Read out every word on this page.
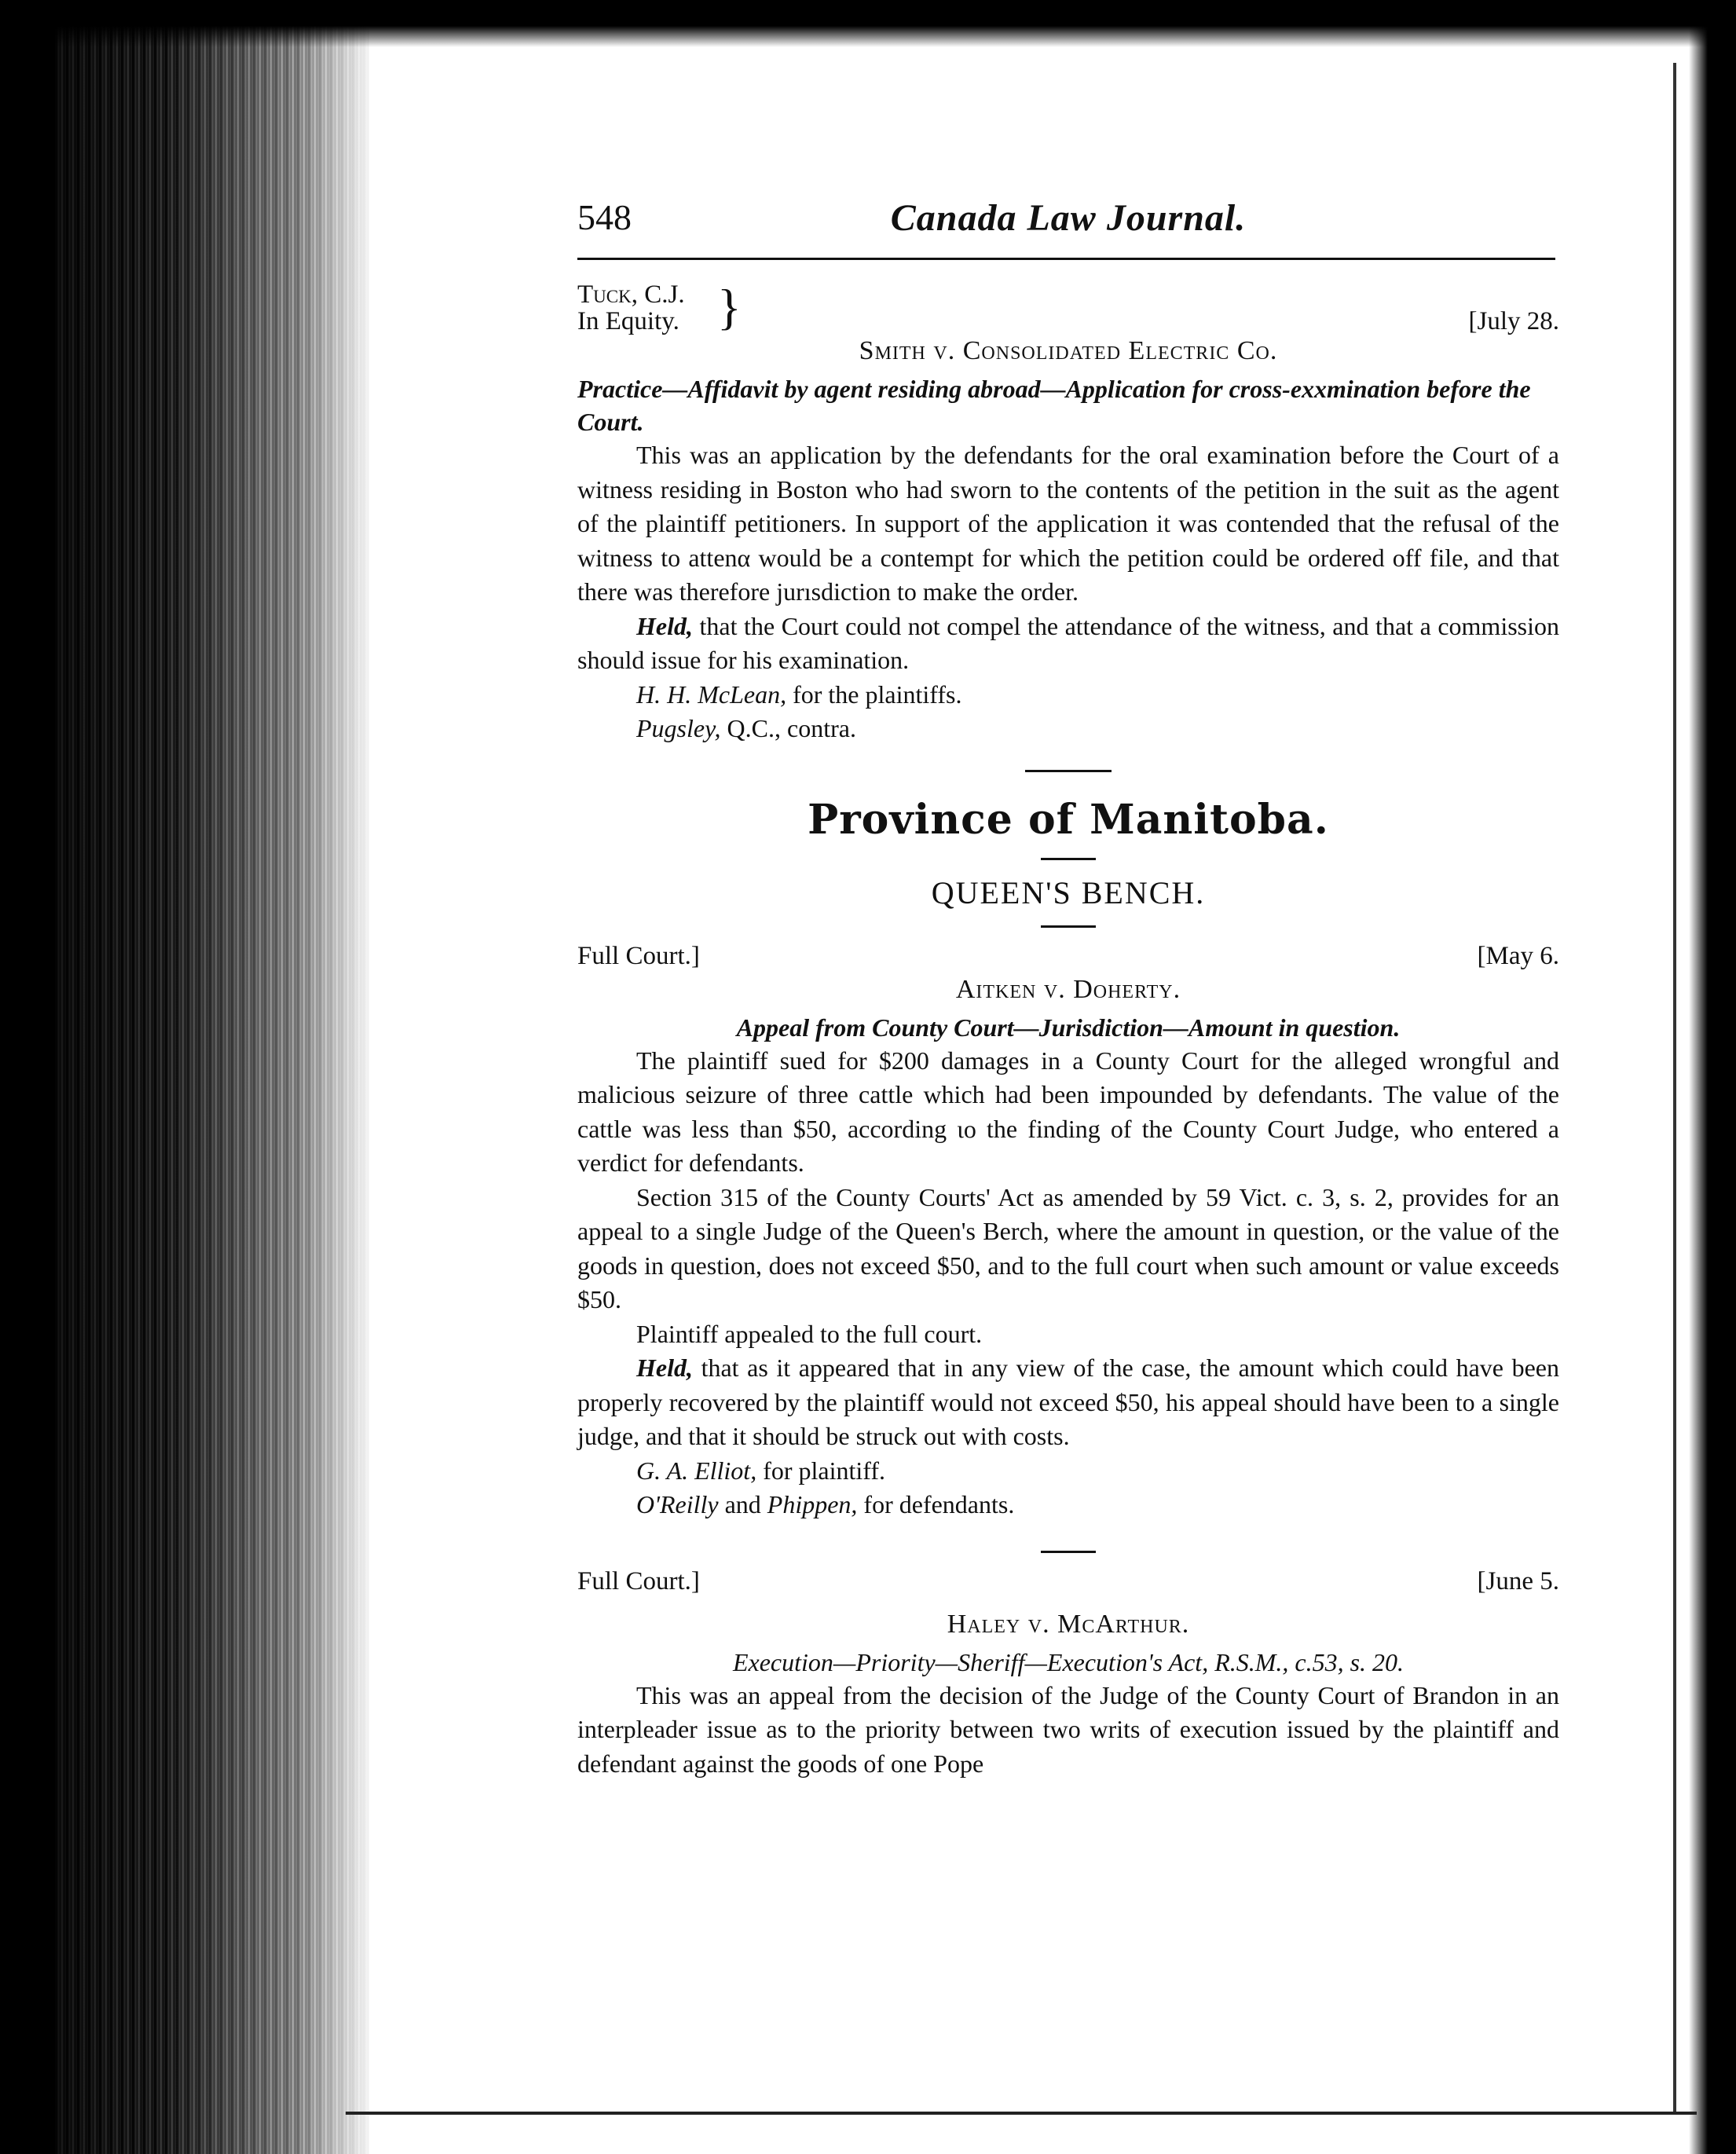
548	Canada Law Journal.
Tuck, C.J.
In Equity. }	[July 28.
Smith v. Consolidated Electric Co.
Practice—Affidavit by agent residing abroad—Application for cross-exxmination before the Court.

This was an application by the defendants for the oral examination before the Court of a witness residing in Boston who had sworn to the contents of the petition in the suit as the agent of the plaintiff petitioners. In support of the application it was contended that the refusal of the witness to attenα would be a contempt for which the petition could be ordered off file, and that there was therefore jurısdiction to make the order.

Held, that the Court could not compel the attendance of the witness, and that a commission should issue for his examination.

H. H. McLean, for the plaintiffs.
Pugsley, Q.C., contra.
Province of Manitoba.
QUEEN'S BENCH.
Full Court.]	[May 6.
Aitken v. Doherty.
Appeal from County Court—Jurisdiction—Amount in question.

The plaintiff sued for $200 damages in a County Court for the alleged wrongful and malicious seizure of three cattle which had been impounded by defendants. The value of the cattle was less than $50, according ιο the finding of the County Court Judge, who entered a verdict for defendants.

Section 315 of the County Courts' Act as amended by 59 Vict. c. 3, s. 2, provides for an appeal to a single Judge of the Queen's Berch, where the amount in question, or the value of the goods in question, does not exceed $50, and to the full court when such amount or value exceeds $50.

Plaintiff appealed to the full court.

Held, that as it appeared that in any view of the case, the amount which could have been properly recovered by the plaintiff would not exceed $50, his appeal should have been to a single judge, and that it should be struck out with costs.

G. A. Elliot, for plaintiff.
O'Reilly and Phippen, for defendants.
Full Court.]	[June 5.
Haley v. McArthur.
Execution—Priority—Sheriff—Execution's Act, R.S.M., c.53, s. 20.

This was an appeal from the decision of the Judge of the County Court of Brandon in an interpleader issue as to the priority between two writs of execution issued by the plaintiff and defendant against the goods of one Pope
